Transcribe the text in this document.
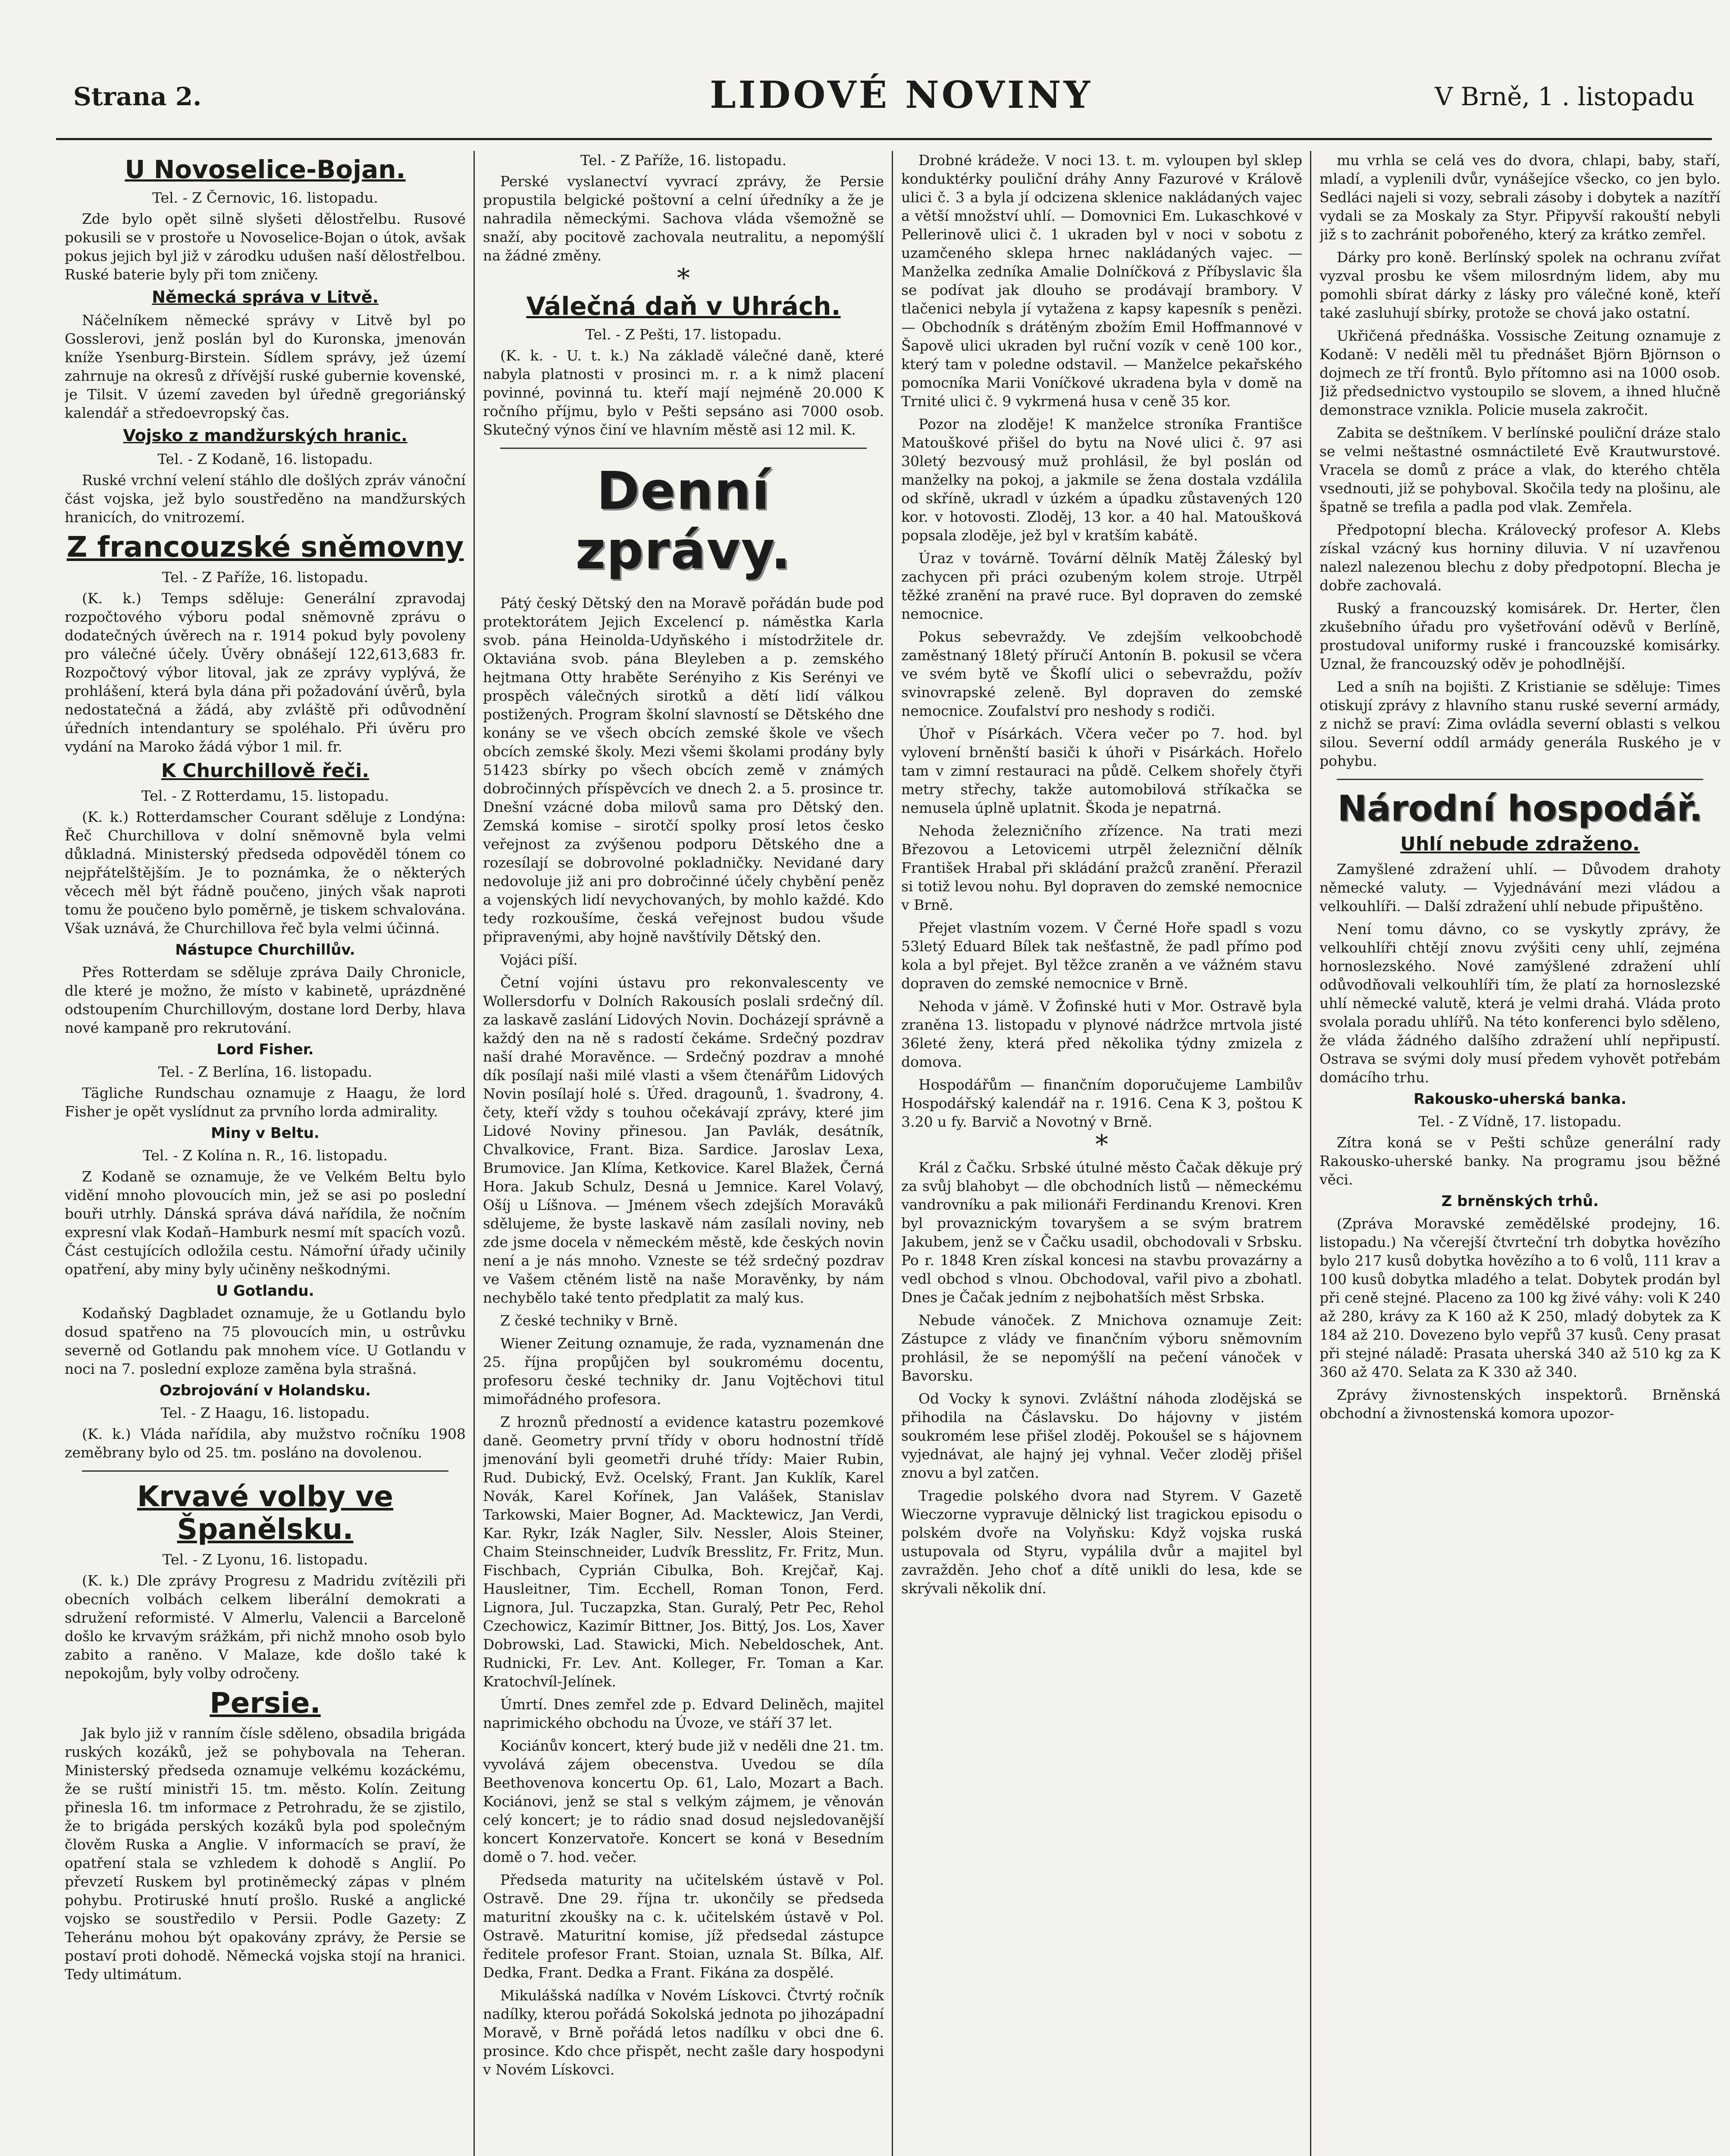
Strana 2.	LIDOVÉ NOVINY	V Brně, 1 . listopadu
U Novoselice-Bojan.
Tel. - Z Černovic, 16. listopadu.

Zde bylo opět silně slyšeti dělostřelbu. Rusové pokusili se v prostoře u Novoselice-Bojan o útok, avšak pokus jejich byl již v zárodku udušen naší dělostřelbou. Ruské baterie byly při tom zničeny.

Německá správa v Litvě.

Náčelníkem německé správy v Litvě byl po Gosslerovi, jenž poslán byl do Kuronska, jmenován kníže Ysenburg-Birstein. Sídlem správy, jež území zahrnuje na okresů z dřívější ruské gubernie kovenské, je Tilsit. V území zaveden byl úředně gregoriánský kalendář a středoevropský čas.

Vojsko z mandžurských hranic.
Tel. - Z Kodaně, 16. listopadu.

Ruské vrchní velení stáhlo dle došlých zpráv vánoční část vojska, jež bylo soustředěno na mandžurských hranicích, do vnitrozemí.

Z francouzské sněmovny
Tel. - Z Paříže, 16. listopadu.

(K. k.) Temps sděluje: Generální zpravodaj rozpočtového výboru podal sněmovně zprávu o dodatečných úvěrech na r. 1914 pokud byly povoleny pro válečné účely. Úvěry obnášejí 122,613,683 fr. Rozpočtový výbor litoval, jak ze zprávy vyplývá, že prohlášení, která byla dána při požadování úvěrů, byla nedostatečná a žádá, aby zvláště při odůvodnění úředních intendantury se spoléhalo. Při úvěru pro vydání na Maroko žádá výbor 1 mil. fr.

K Churchillově řeči.
Tel. - Z Rotterdamu, 15. listopadu.

(K. k.) Rotterdamscher Courant sděluje z Londýna: Řeč Churchillova v dolní sněmovně byla velmi důkladná. Ministerský předseda odpověděl tónem co nejpřátelštějším. Je to poznámka, že o některých věcech měl být řádně poučeno, jiných však naproti tomu že poučeno bylo poměrně, je tiskem schvalována. Však uznává, že Churchillova řeč byla velmi účinná.

Nástupce Churchillův.

Přes Rotterdam se sděluje zpráva Daily Chronicle, dle které je možno, že místo v kabinetě, uprázdněné odstoupením Churchillovým, dostane lord Derby, hlava nové kampaně pro rekrutování.

Lord Fisher.
Tel. - Z Berlína, 16. listopadu.

Tägliche Rundschau oznamuje z Haagu, že lord Fisher je opět vyslídnut za prvního lorda admirality.

Miny v Beltu.
Tel. - Z Kolína n. R., 16. listopadu.

Z Kodaně se oznamuje, že ve Velkém Beltu bylo vidění mnoho plovoucích min, jež se asi po poslední bouři utrhly. Dánská správa dává nařídila, že nočním expresní vlak Kodaň–Hamburk nesmí mít spacích vozů. Část cestujících odložila cestu. Námořní úřady učinily opatření, aby miny byly učiněny neškodnými.

U Gotlandu.

Kodaňský Dagbladet oznamuje, že u Gotlandu bylo dosud spatřeno na 75 plovoucích min, u ostrůvku severně od Gotlandu pak mnohem více. U Gotlandu v noci na 7. poslední exploze zaměna byla strašná.

Ozbrojování v Holandsku.
Tel. - Z Haagu, 16. listopadu.

(K. k.) Vláda nařídila, aby mužstvo ročníku 1908 zeměbrany bylo od 25. tm. posláno na dovolenou.

Krvavé volby ve Španělsku.
Tel. - Z Lyonu, 16. listopadu.

(K. k.) Dle zprávy Progresu z Madridu zvítězili při obecních volbách celkem liberální demokrati a sdružení reformisté. V Almerlu, Valencii a Barceloně došlo ke krvavým srážkám, při nichž mnoho osob bylo zabito a raněno. V Malaze, kde došlo také k nepokojům, byly volby odročeny.

Persie.

Jak bylo již v ranním čísle sděleno, obsadila brigáda ruských kozáků, jež se pohybovala na Teheran. Ministerský předseda oznamuje velkému kozáckému, že se ruští ministři 15. tm. město. Kolín. Zeitung přinesla 16. tm informace z Petrohradu, že se zjistilo, že to brigáda perských kozáků byla pod společným člověm Ruska a Anglie. V informacích se praví, že opatření stala se vzhledem k dohodě s Anglií. Po převzetí Ruskem byl protiněmecký zápas v plném pohybu. Protiruské hnutí prošlo. Ruské a anglické vojsko se soustředilo v Persii. Podle Gazety: Z Teheránu mohou být opakovány zprávy, že Persie se postaví proti dohodě. Německá vojska stojí na hranici. Tedy ultimátum.

Tel. - Z Paříže, 16. listopadu.

Perské vyslanectví vyvrací zprávy, že Persie propustila belgické poštovní a celní úředníky a že je nahradila německými. Sachova vláda všemožně se snaží, aby pocitově zachovala neutralitu, a nepomýšlí na žádné změny.

*
Válečná daň v Uhrách.
Tel. - Z Pešti, 17. listopadu.

(K. k. - U. t. k.) Na základě válečné daně, které nabyla platnosti v prosinci m. r. a k nimž placení povinné, povinná tu. kteří mají nejméně 20.000 K ročního příjmu, bylo v Pešti sepsáno asi 7000 osob. Skutečný výnos činí ve hlavním městě asi 12 mil. K.

Denní zprávy.

Pátý český Dětský den na Moravě pořádán bude pod protektorátem Jejich Excelencí p. náměstka Karla svob. pána Heinolda-Udyňského i místodržitele dr. Oktaviána svob. pána Bleyleben a p. zemského hejtmana Otty hraběte Serényiho z Kis Serényi ve prospěch válečných sirotků a dětí lidí válkou postižených. Program školní slavností se Dětského dne konány se ve všech obcích zemské škole ve všech obcích zemské školy. Mezi všemi školami prodány byly 51423 sbírky po všech obcích země v známých dobročinných příspěvcích ve dnech 2. a 5. prosince tr. Dnešní vzácné doba milovů sama pro Dětský den. Zemská komise – sirotčí spolky prosí letos česko veřejnost za zvýšenou podporu Dětského dne a rozesílají se dobrovolné pokladničky. Nevidané dary nedovoluje již ani pro dobročinné účely chybění peněz a vojenských lidí nevychovaných, by mohlo každé. Kdo tedy rozkoušíme, česká veřejnost budou všude připravenými, aby hojně navštívily Dětský den.

Vojáci píší.

Četní vojíni ústavu pro rekonvalescenty ve Wollersdorfu v Dolních Rakousích poslali srdečný díl. za laskavě zaslání Lidových Novin. Docházejí správně a každý den na ně s radostí čekáme. Srdečný pozdrav naší drahé Moravěnce. — Srdečný pozdrav a mnohé dík posílají naši milé vlasti a všem čtenářům Lidových Novin posílají holé s. Úřed. dragounů, 1. švadrony, 4. čety, kteří vždy s touhou očekávají zprávy, které jim Lidové Noviny přinesou. Jan Pavlák, desátník, Chvalkovice, Frant. Biza. Sardice. Jaroslav Lexa, Brumovice. Jan Klíma, Ketkovice. Karel Blažek, Černá Hora. Jakub Schulz, Desná u Jemnice. Karel Volavý, Ošíj u Líšnova. — Jménem všech zdejších Moraváků sdělujeme, že byste laskavě nám zasílali noviny, neb zde jsme docela v německém městě, kde českých novin není a je nás mnoho. Vzneste se též srdečný pozdrav ve Vašem ctěném listě na naše Moravěnky, by nám nechybělo také tento předplatit za malý kus.

Z české techniky v Brně.

Wiener Zeitung oznamuje, že rada, vyznamenán dne 25. října propůjčen byl soukromému docentu, profesoru české techniky dr. Janu Vojtěchovi titul mimořádného profesora.

Z hroznů předností a evidence katastru pozemkové daně. Geometry první třídy v oboru hodnostní třídě jmenování byli geometři druhé třídy: Maier Rubin, Rud. Dubický, Evž. Ocelský, Frant. Jan Kuklík, Karel Novák, Karel Kořínek, Jan Valášek, Stanislav Tarkowski, Maier Bogner, Ad. Macktewicz, Jan Verdi, Kar. Rykr, Izák Nagler, Silv. Nessler, Alois Steiner, Chaim Steinschneider, Ludvík Bresslitz, Fr. Fritz, Mun. Fischbach, Cyprián Cibulka, Boh. Krejčař, Kaj. Hausleitner, Tim. Ecchell, Roman Tonon, Ferd. Lignora, Jul. Tuczapzka, Stan. Guralý, Petr Pec, Rehol Czechowicz, Kazimír Bittner, Jos. Bittý, Jos. Los, Xaver Dobrowski, Lad. Stawicki, Mich. Nebeldoschek, Ant. Rudnicki, Fr. Lev. Ant. Kolleger, Fr. Toman a Kar. Kratochvíl-Jelínek.

Úmrtí. Dnes zemřel zde p. Edvard Deliněch, majitel naprimického obchodu na Úvoze, ve stáří 37 let.

Kociánův koncert, který bude již v neděli dne 21. tm. vyvolává zájem obecenstva. Uvedou se díla Beethovenova koncertu Op. 61, Lalo, Mozart a Bach. Kociánovi, jenž se stal s velkým zájmem, je věnován celý koncert; je to rádio snad dosud nejsledovanější koncert Konzervatoře. Koncert se koná v Besedním domě o 7. hod. večer.

Předseda maturity na učitelském ústavě v Pol. Ostravě. Dne 29. října tr. ukončily se předseda maturitní zkoušky na c. k. učitelském ústavě v Pol. Ostravě. Maturitní komise, jíž předsedal zástupce ředitele profesor Frant. Stoian, uznala St. Bílka, Alf. Dedka, Frant. Dedka a Frant. Fikána za dospělé.

Mikulášská nadílka v Novém Lískovci. Čtvrtý ročník nadílky, kterou pořádá Sokolská jednota po jihozápadní Moravě, v Brně pořádá letos nadílku v obci dne 6. prosince. Kdo chce přispět, necht zašle dary hospodyni v Novém Lískovci.

Drobné krádeže. V noci 13. t. m. vyloupen byl sklep konduktérky pouliční dráhy Anny Fazurové v Králově ulici č. 3 a byla jí odcizena sklenice nakládaných vajec a větší množství uhlí. — Domovnici Em. Lukaschkové v Pellerinově ulici č. 1 ukraden byl v noci v sobotu z uzamčeného sklepa hrnec nakládaných vajec. — Manželka zedníka Amalie Dolníčková z Příbyslavic šla se podívat jak dlouho se prodávají brambory. V tlačenici nebyla jí vytažena z kapsy kapesník s penězi. — Obchodník s drátěným zbožím Emil Hoffmannové v Šapově ulici ukraden byl ruční vozík v ceně 100 kor., který tam v poledne odstavil. — Manželce pekařského pomocníka Marii Voníčkové ukradena byla v domě na Trnité ulici č. 9 vykrmená husa v ceně 35 kor.

Pozor na zloděje! K manželce stroníka Františce Matouškové přišel do bytu na Nové ulici č. 97 asi 30letý bezvousý muž prohlásil, že byl poslán od manželky na pokoj, a jakmile se žena dostala vzdálila od skříně, ukradl v úzkém a úpadku zůstavených 120 kor. v hotovosti. Zloděj, 13 kor. a 40 hal. Matoušková popsala zloděje, jež byl v kratším kabátě.

Úraz v továrně. Tovární dělník Matěj Žáleský byl zachycen při práci ozubeným kolem stroje. Utrpěl těžké zranění na pravé ruce. Byl dopraven do zemské nemocnice.

Pokus sebevraždy. Ve zdejším velkoobchodě zaměstnaný 18letý příručí Antonín B. pokusil se včera ve svém bytě ve Škoflí ulici o sebevraždu, požív svinovrapské zeleně. Byl dopraven do zemské nemocnice. Zoufalství pro neshody s rodiči.

Úhoř v Písárkách. Včera večer po 7. hod. byl vylovení brněnští basiči k úhoři v Pisárkách. Hořelo tam v zimní restauraci na půdě. Celkem shořely čtyři metry střechy, takže automobilová stříkačka se nemusela úplně uplatnit. Škoda je nepatrná.

Nehoda železničního zřízence. Na trati mezi Březovou a Letovicemi utrpěl železniční dělník František Hrabal při skládání pražců zranění. Přerazil si totiž levou nohu. Byl dopraven do zemské nemocnice v Brně.

Přejet vlastním vozem. V Černé Hoře spadl s vozu 53letý Eduard Bílek tak nešťastně, že padl přímo pod kola a byl přejet. Byl těžce zraněn a ve vážném stavu dopraven do zemské nemocnice v Brně.

Nehoda v jámě. V Žofinské huti v Mor. Ostravě byla zraněna 13. listopadu v plynové nádržce mrtvola jisté 36leté ženy, která před několika týdny zmizela z domova.

Hospodářům — finančním doporučujeme Lambilův Hospodářský kalendář na r. 1916. Cena K 3, poštou K 3.20 u fy. Barvič a Novotný v Brně.

*

Král z Čačku. Srbské útulné město Čačak děkuje prý za svůj blahobyt — dle obchodních listů — německému vandrovníku a pak milionáři Ferdinandu Krenovi. Kren byl provaznickým tovaryšem a se svým bratrem Jakubem, jenž se v Čačku usadil, obchodovali v Srbsku. Po r. 1848 Kren získal koncesi na stavbu provazárny a vedl obchod s vlnou. Obchodoval, vařil pivo a zbohatl. Dnes je Čačak jedním z nejbohatších měst Srbska.

Nebude vánoček. Z Mnichova oznamuje Zeit: Zástupce z vlády ve finančním výboru sněmovním prohlásil, že se nepomýšlí na pečení vánoček v Bavorsku.

Od Vocky k synovi. Zvláštní náhoda zlodějská se přihodila na Čáslavsku. Do hájovny v jistém soukromém lese přišel zloděj. Pokoušel se s hájovnem vyjednávat, ale hajný jej vyhnal. Večer zloděj přišel znovu a byl zatčen.

Tragedie polského dvora nad Styrem. V Gazetě Wieczorne vypravuje dělnický list tragickou episodu o polském dvoře na Volyňsku: Když vojska ruská ustupovala od Styru, vypálila dvůr a majitel byl zavražděn. Jeho choť a dítě unikli do lesa, kde se skrývali několik dní.

mu vrhla se celá ves do dvora, chlapi, baby, staří, mladí, a vyplenili dvůr, vynášejíce všecko, co jen bylo. Sedláci najeli si vozy, sebrali zásoby i dobytek a nazítří vydali se za Moskaly za Styr. Připyvší rakouští nebyli již s to zachránit pobořeného, který za krátko zemřel.

Dárky pro koně. Berlínský spolek na ochranu zvířat vyzval prosbu ke všem milosrdným lidem, aby mu pomohli sbírat dárky z lásky pro válečné koně, kteří také zasluhují sbírky, protože se chová jako ostatní.

Ukřičená přednáška. Vossische Zeitung oznamuje z Kodaně: V neděli měl tu přednášet Björn Björnson o dojmech ze tří frontů. Bylo přítomno asi na 1000 osob. Již předsednictvo vystoupilo se slovem, a ihned hlučně demonstrace vznikla. Policie musela zakročit.

Zabita se deštníkem. V berlínské pouliční dráze stalo se velmi neštastné osmnáctileté Evě Krautwurstové. Vracela se domů z práce a vlak, do kterého chtěla vsednouti, již se pohyboval. Skočila tedy na plošinu, ale špatně se trefila a padla pod vlak. Zemřela.

Předpotopní blecha. Královecký profesor A. Klebs získal vzácný kus horniny diluvia. V ní uzavřenou nalezl nalezenou blechu z doby předpotopní. Blecha je dobře zachovalá.

Ruský a francouzský komisárek. Dr. Herter, člen zkušebního úřadu pro vyšetřování oděvů v Berlíně, prostudoval uniformy ruské i francouzské komisárky. Uznal, že francouzský oděv je pohodlnější.

Led a sníh na bojišti. Z Kristianie se sděluje: Times otiskují zprávy z hlavního stanu ruské severní armády, z nichž se praví: Zima ovládla severní oblasti s velkou silou. Severní oddíl armády generála Ruského je v pohybu.

Národní hospodář.
Uhlí nebude zdraženo.

Zamyšlené zdražení uhlí. — Důvodem drahoty německé valuty. — Vyjednávání mezi vládou a velkouhlíři. — Další zdražení uhlí nebude připuštěno.

Není tomu dávno, co se vyskytly zprávy, že velkouhlíři chtějí znovu zvýšiti ceny uhlí, zejména hornoslezského. Nové zamýšlené zdražení uhlí odůvodňovali velkouhlíři tím, že platí za hornoslezské uhlí německé valutě, která je velmi drahá. Vláda proto svolala poradu uhlířů. Na této konferenci bylo sděleno, že vláda žádného dalšího zdražení uhlí nepřipustí. Ostrava se svými doly musí předem vyhovět potřebám domácího trhu.

Rakousko-uherská banka.
Tel. - Z Vídně, 17. listopadu.

Zítra koná se v Pešti schůze generální rady Rakousko-uherské banky. Na programu jsou běžné věci.

Z brněnských trhů.

(Zpráva Moravské zemědělské prodejny, 16. listopadu.) Na včerejší čtvrteční trh dobytka hovězího bylo 217 kusů dobytka hovězího a to 6 volů, 111 krav a 100 kusů dobytka mladého a telat. Dobytek prodán byl při ceně stejné. Placeno za 100 kg živé váhy: voli K 240 až 280, krávy za K 160 až K 250, mladý dobytek za K 184 až 210. Dovezeno bylo vepřů 37 kusů. Ceny prasat při stejné náladě: Prasata uherská 340 až 510 kg za K 360 až 470. Selata za K 330 až 340.

Zprávy živnostenských inspektorů. Brněnská obchodní a živnostenská komora upozor-
